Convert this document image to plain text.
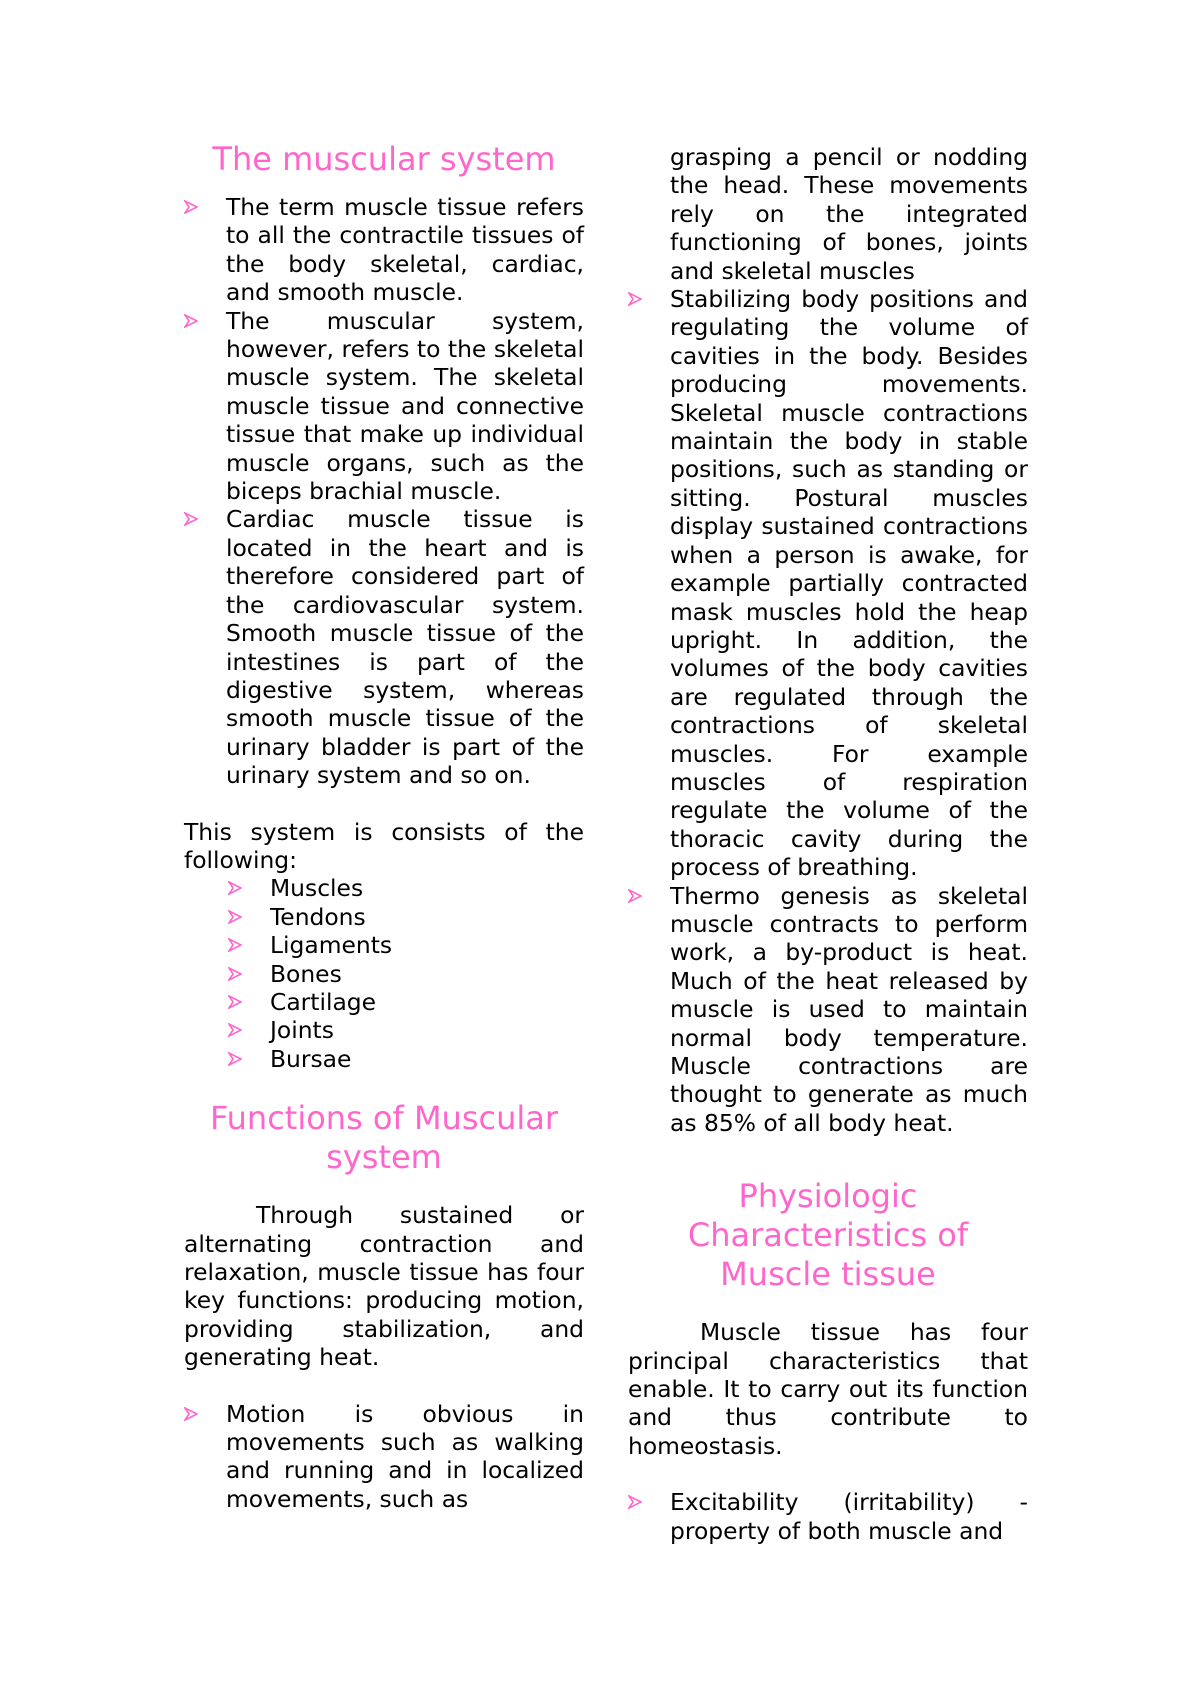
The muscular system
The term muscle tissue refers to all the contractile tissues of the body skeletal, cardiac, and smooth muscle.
The muscular system, however, refers to the skeletal muscle system. The skeletal muscle tissue and connective tissue that make up individual muscle organs, such as the biceps brachial muscle.
Cardiac muscle tissue is located in the heart and is therefore considered part of the cardiovascular system. Smooth muscle tissue of the intestines is part of the digestive system, whereas smooth muscle tissue of the urinary bladder is part of the urinary system and so on.

This system is consists of the following:

Muscles
Tendons
Ligaments
Bones
Cartilage
Joints
Bursae
Functions of Muscular system

Through sustained or alternating contraction and relaxation, muscle tissue has four key functions: producing motion, providing stabilization, and generating heat.

Motion is obvious in movements such as walking and running and in localized movements, such as
grasping a pencil or nodding the head. These movements rely on the integrated functioning of bones, joints and skeletal muscles
Stabilizing body positions and regulating the volume of cavities in the body. Besides producing movements. Skeletal muscle contractions maintain the body in stable positions, such as standing or sitting. Postural muscles display sustained contractions when a person is awake, for example partially contracted mask muscles hold the heap upright. In addition, the volumes of the body cavities are regulated through the contractions of skeletal muscles. For example muscles of respiration regulate the volume of the thoracic cavity during the process of breathing.
Thermo genesis as skeletal muscle contracts to perform work, a by-product is heat. Much of the heat released by muscle is used to maintain normal body temperature. Muscle contractions are thought to generate as much as 85% of all body heat.
Physiologic Characteristics of Muscle tissue

Muscle tissue has four principal characteristics that enable. It to carry out its function and thus contribute to homeostasis.

Excitability (irritability) - property of both muscle and
